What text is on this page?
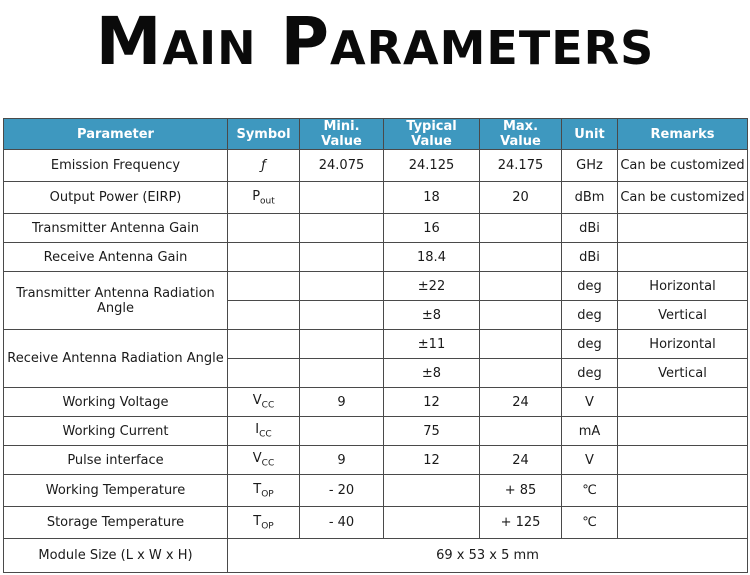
Main Parameters
Parameter	Symbol	Mini. Value	Typical Value	Max. Value	Unit	Remarks
Emission Frequency	ƒ	24.075	24.125	24.175	GHz	Can be customized
Output Power (EIRP)	$P_{out}$		18	20	dBm	Can be customized
Transmitter Antenna Gain			16		dBi	
Receive Antenna Gain			18.4		dBi	
Transmitter Antenna Radiation Angle			±22		deg	Horizontal
			±8		deg	Vertical
Receive Antenna Radiation Angle			±11		deg	Horizontal
			±8		deg	Vertical
Working Voltage	$V_{CC}$	9	12	24	V	
Working Current	$I_{CC}$		75		mA	
Pulse interface	$V_{CC}$	9	12	24	V	
Working Temperature	$T_{OP}$	- 20		+ 85	℃	
Storage Temperature	$T_{OP}$	- 40		+ 125	℃	
Module Size (L x W x H)	69 x 53 x 5 mm					
